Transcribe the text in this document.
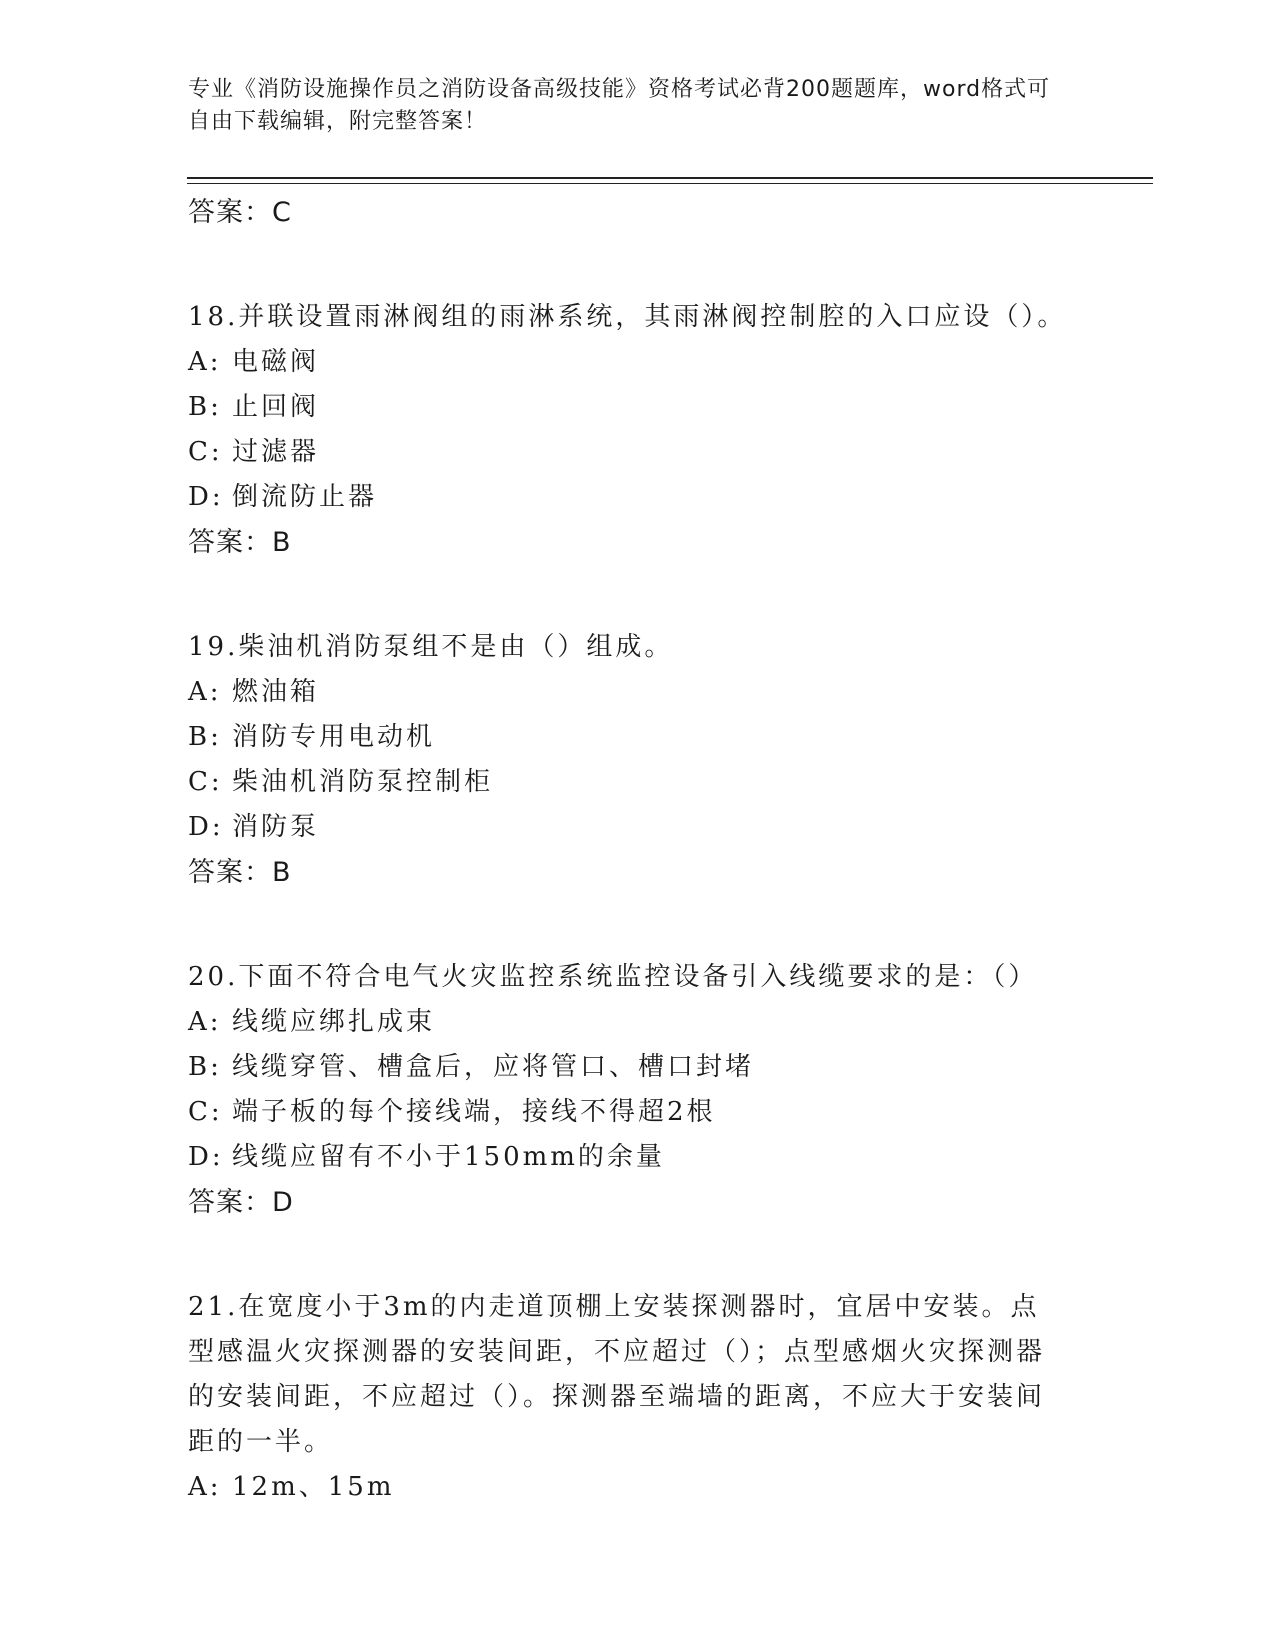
专业《消防设施操作员之消防设备高级技能》资格考试必背200题题库，word格式可自由下载编辑，附完整答案！
答案：C
18.并联设置雨淋阀组的雨淋系统，其雨淋阀控制腔的入口应设（）。
A: 电磁阀
B: 止回阀
C: 过滤器
D: 倒流防止器
答案：B
19.柴油机消防泵组不是由（）组成。
A: 燃油箱
B: 消防专用电动机
C: 柴油机消防泵控制柜
D: 消防泵
答案：B
20.下面不符合电气火灾监控系统监控设备引入线缆要求的是：（）
A: 线缆应绑扎成束
B: 线缆穿管、槽盒后，应将管口、槽口封堵
C: 端子板的每个接线端，接线不得超2根
D: 线缆应留有不小于150mm的余量
答案：D
21.在宽度小于3m的内走道顶棚上安装探测器时，宜居中安装。点型感温火灾探测器的安装间距，不应超过（）；点型感烟火灾探测器的安装间距，不应超过（）。探测器至端墙的距离，不应大于安装间距的一半。
A: 12m、15m
